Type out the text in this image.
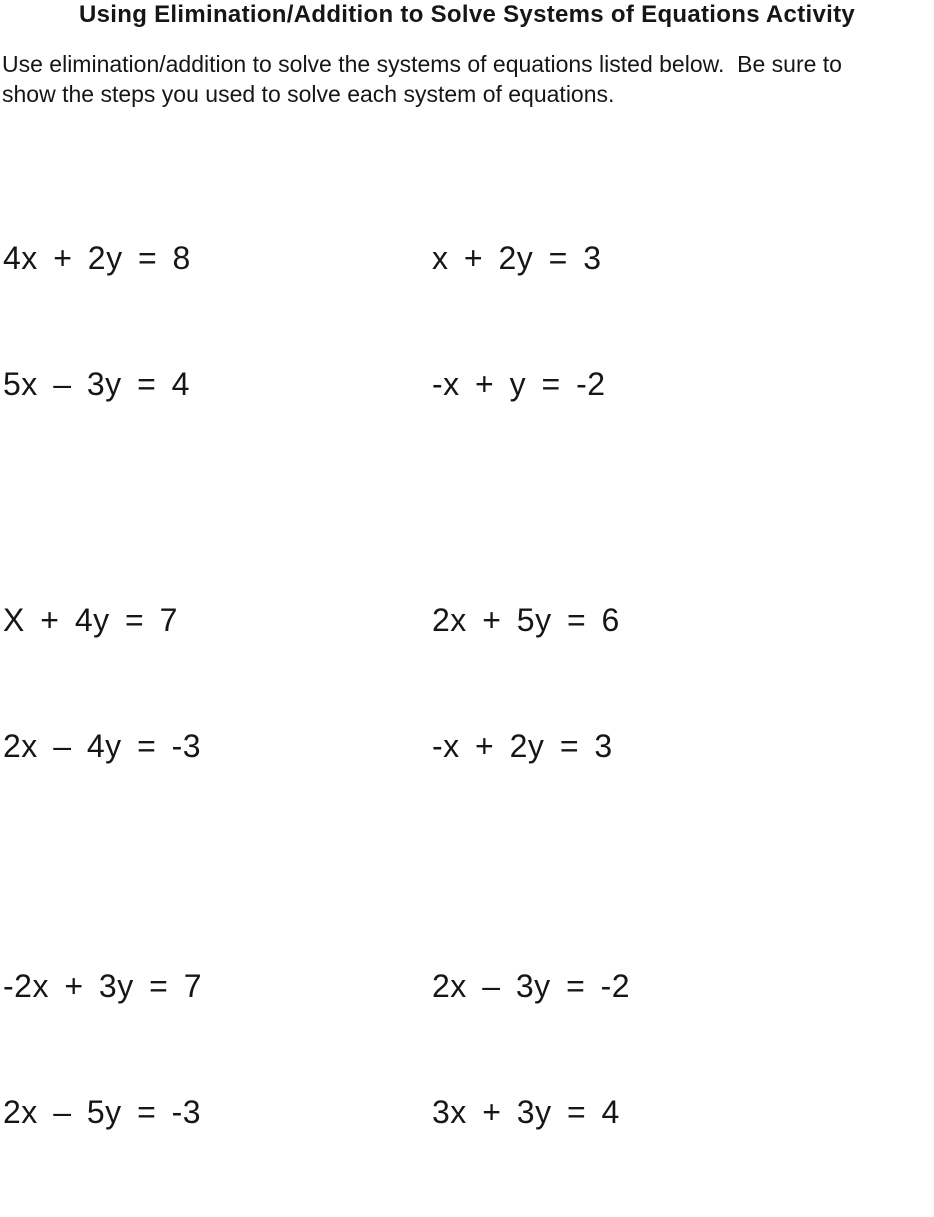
Using Elimination/Addition to Solve Systems of Equations Activity
Use elimination/addition to solve the systems of equations listed below.  Be sure to
show the steps you used to solve each system of equations.

4x + 2y = 8

5x – 3y = 4

x + 2y = 3

-x + y = -2

X + 4y = 7

2x – 4y = -3

2x + 5y = 6

-x + 2y = 3

-2x + 3y = 7

2x – 5y = -3

2x – 3y = -2

3x + 3y = 4
